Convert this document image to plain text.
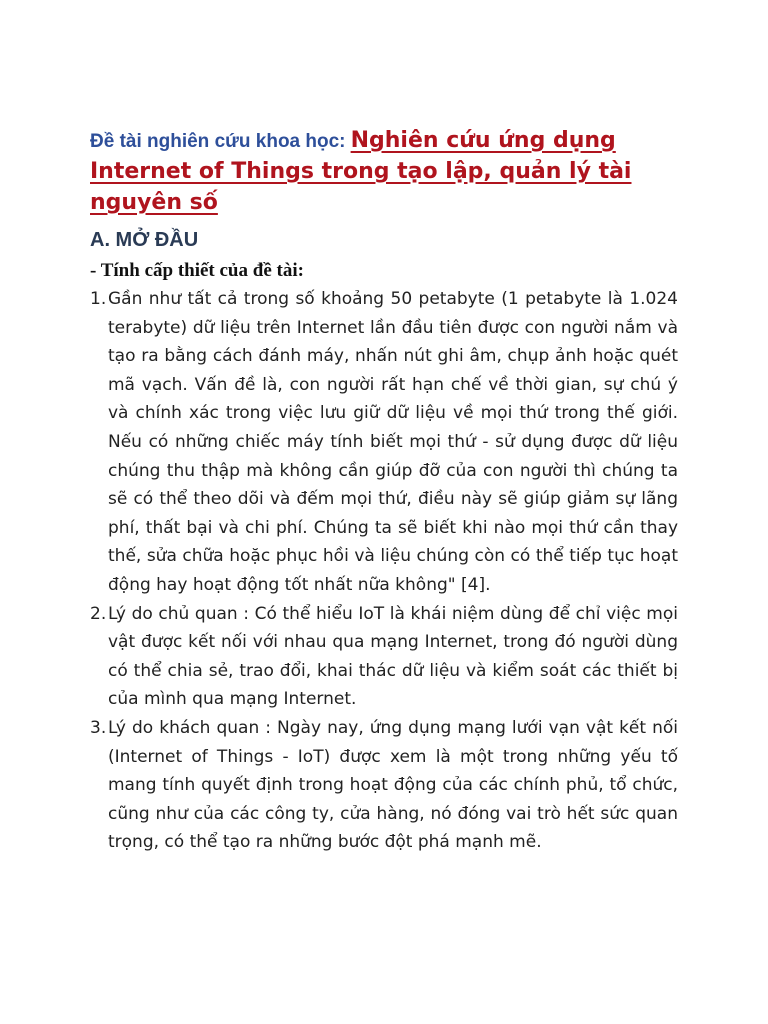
Đề tài nghiên cứu khoa học: Nghiên cứu ứng dụng Internet of Things trong tạo lập, quản lý tài nguyên số
A. MỞ ĐẦU
- Tính cấp thiết của đề tài:
1. Gần như tất cả trong số khoảng 50 petabyte (1 petabyte là 1.024 terabyte) dữ liệu trên Internet lần đầu tiên được con người nắm và tạo ra bằng cách đánh máy, nhấn nút ghi âm, chụp ảnh hoặc quét mã vạch. Vấn đề là, con người rất hạn chế về thời gian, sự chú ý và chính xác trong việc lưu giữ dữ liệu về mọi thứ trong thế giới. Nếu có những chiếc máy tính biết mọi thứ - sử dụng được dữ liệu chúng thu thập mà không cần giúp đỡ của con người thì chúng ta sẽ có thể theo dõi và đếm mọi thứ, điều này sẽ giúp giảm sự lãng phí, thất bại và chi phí. Chúng ta sẽ biết khi nào mọi thứ cần thay thế, sửa chữa hoặc phục hồi và liệu chúng còn có thể tiếp tục hoạt động hay hoạt động tốt nhất nữa không" [4].
2. Lý do chủ quan : Có thể hiểu IoT là khái niệm dùng để chỉ việc mọi vật được kết nối với nhau qua mạng Internet, trong đó người dùng có thể chia sẻ, trao đổi, khai thác dữ liệu và kiểm soát các thiết bị của mình qua mạng Internet.
3. Lý do khách quan : Ngày nay, ứng dụng mạng lưới vạn vật kết nối (Internet of Things - IoT) được xem là một trong những yếu tố mang tính quyết định trong hoạt động của các chính phủ, tổ chức, cũng như của các công ty, cửa hàng, nó đóng vai trò hết sức quan trọng, có thể tạo ra những bước đột phá mạnh mẽ.
